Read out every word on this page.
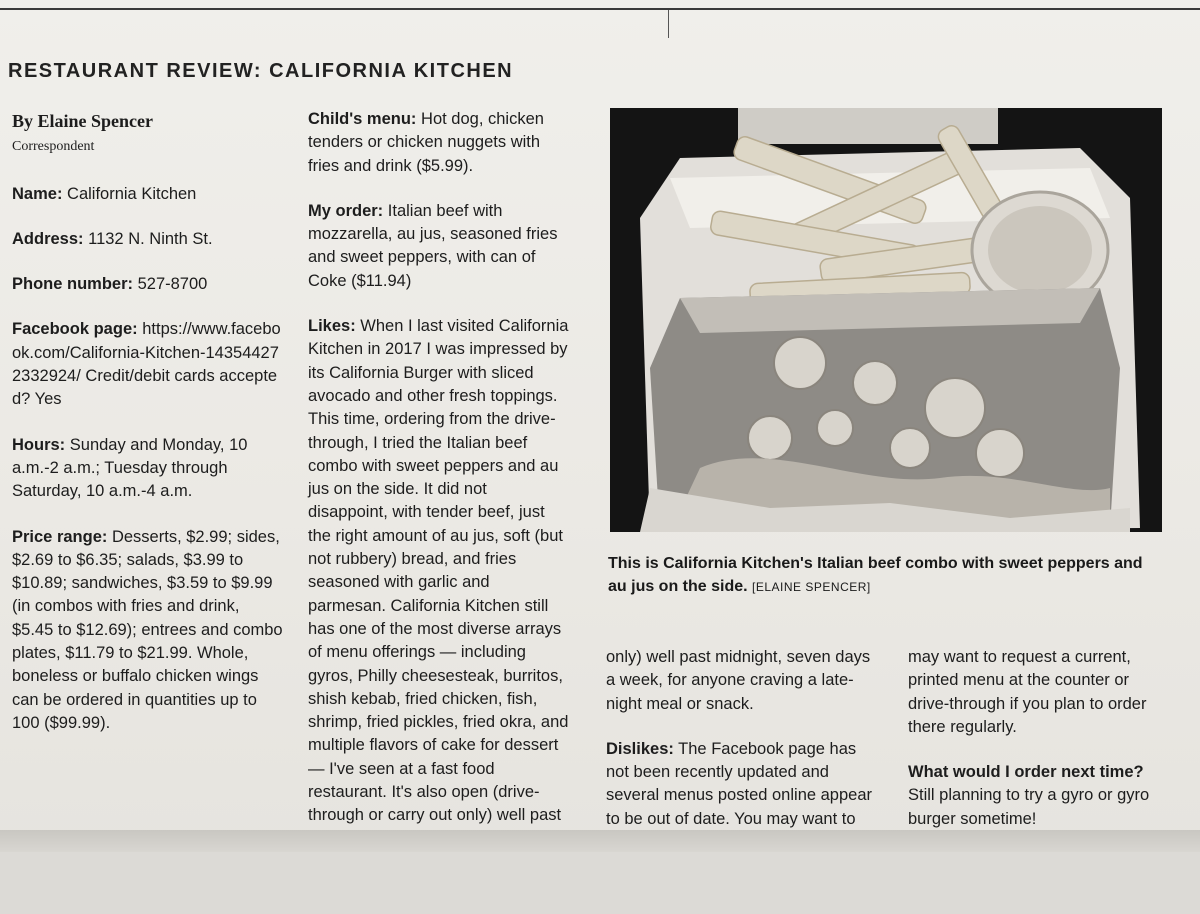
RESTAURANT REVIEW: CALIFORNIA KITCHEN
By Elaine Spencer
Correspondent

Name: California Kitchen

Address: 1132 N. Ninth St.

Phone number: 527-8700

Facebook page: https://www.facebook.com/California-Kitchen-143544272332924/ Credit/debit cards accepted? Yes

Hours: Sunday and Monday, 10 a.m.-2 a.m.; Tuesday through Saturday, 10 a.m.-4 a.m.

Price range: Desserts, $2.99; sides, $2.69 to $6.35; salads, $3.99 to $10.89; sandwiches, $3.59 to $9.99 (in combos with fries and drink, $5.45 to $12.69); entrees and combo plates, $11.79 to $21.99. Whole, boneless or buffalo chicken wings can be ordered in quantities up to 100 ($99.99).

Child's menu: Hot dog, chicken tenders or chicken nuggets with fries and drink ($5.99).

My order: Italian beef with mozzarella, au jus, seasoned fries and sweet peppers, with can of Coke ($11.94)

Likes: When I last visited California Kitchen in 2017 I was impressed by its California Burger with sliced avocado and other fresh toppings. This time, ordering from the drive-through, I tried the Italian beef combo with sweet peppers and au jus on the side. It did not disappoint, with tender beef, just the right amount of au jus, soft (but not rubbery) bread, and fries seasoned with garlic and parmesan. California Kitchen still has one of the most diverse arrays of menu offerings — including gyros, Philly cheesesteak, burritos, shish kebab, fried chicken, fish, shrimp, fried pickles, fried okra, and multiple flavors of cake for dessert — I've seen at a fast food restaurant. It's also open (drive-through or carry out only) well past

This is California Kitchen's Italian beef combo with sweet peppers and au jus on the side. [ELAINE SPENCER]

only) well past midnight, seven days a week, for anyone craving a late-night meal or snack.

Dislikes: The Facebook page has not been recently updated and several menus posted online appear to be out of date. You may want to

may want to request a current, printed menu at the counter or drive-through if you plan to order there regularly.

What would I order next time?
Still planning to try a gyro or gyro burger sometime!
